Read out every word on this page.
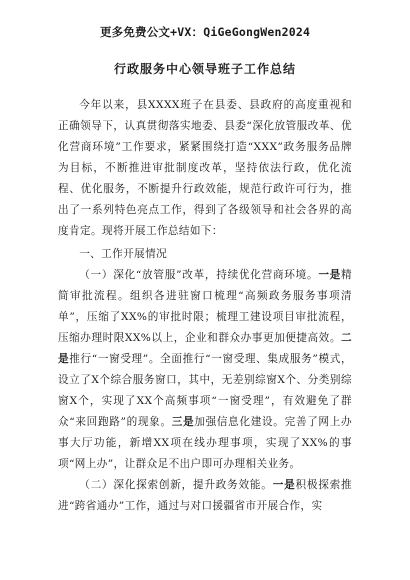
更多免费公文+VX：QiGeGongWen2024
行政服务中心领导班子工作总结

今年以来，县XXXX班子在县委、县政府的高度重视和正确领导下，认真贯彻落实地委、县委“深化放管服改革、优化营商环境”工作要求，紧紧围绕打造“XXX”政务服务品牌为目标，不断推进审批制度改革，坚持依法行政，优化流程、优化服务，不断提升行政效能，规范行政许可行为，推出了一系列特色亮点工作，得到了各级领导和社会各界的高度肯定。现将开展工作总结如下：

一、工作开展情况

（一）深化“放管服”改革，持续优化营商环境。一是精简审批流程。组织各进驻窗口梳理“高频政务服务事项清单”，压缩了XX%的审批时限；梳理工建设项目审批流程，压缩办理时限XX%以上，企业和群众办事更加便捷高效。二是推行“一窗受理”。全面推行“一窗受理、集成服务”模式，设立了X个综合服务窗口，其中，无差别综窗X个、分类别综窗X个，实现了XX个高频事项“一窗受理”，有效避免了群众“来回跑路”的现象。三是加强信息化建设。完善了网上办事大厅功能，新增XX项在线办理事项，实现了XX%的事项“网上办”，让群众足不出户即可办理相关业务。

（二）深化探索创新，提升政务效能。一是积极探索推进“跨省通办”工作，通过与对口援疆省市开展合作，实
